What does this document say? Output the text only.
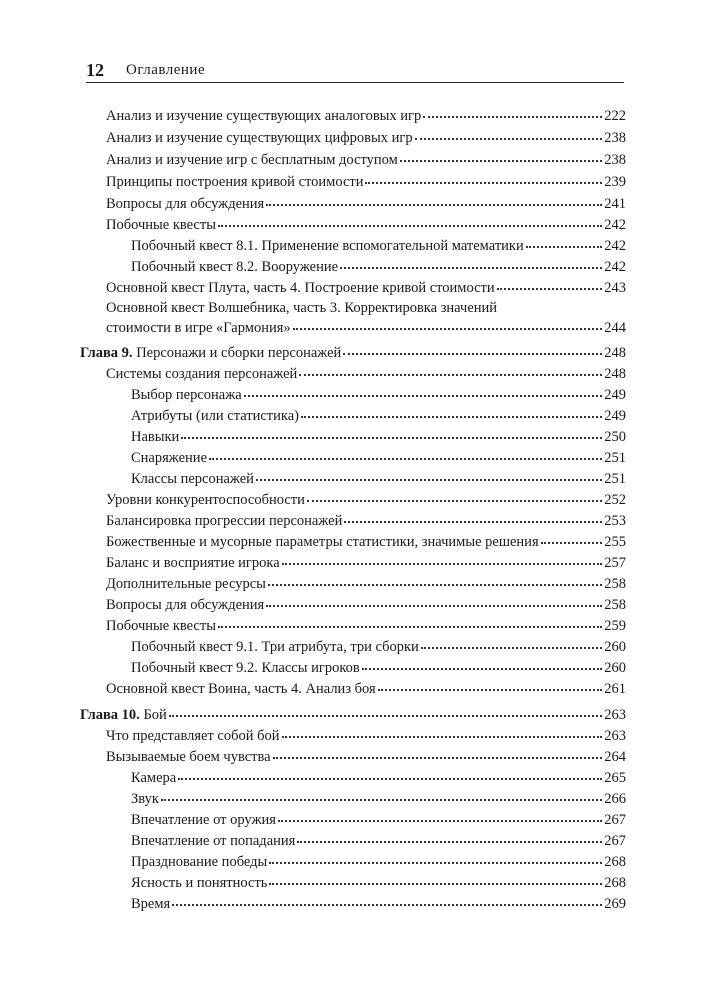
12 Оглавление
Анализ и изучение существующих аналоговых игр	222
Анализ и изучение существующих цифровых игр	238
Анализ и изучение игр с бесплатным доступом	238
Принципы построения кривой стоимости	239
Вопросы для обсуждения	241
Побочные квесты	242
Побочный квест 8.1. Применение вспомогательной математики	242
Побочный квест 8.2. Вооружение	242
Основной квест Плута, часть 4. Построение кривой стоимости	243
Основной квест Волшебника, часть 3. Корректировка значений
стоимости в игре «Гармония»	244
Глава 9. Персонажи и сборки персонажей	248
Системы создания персонажей	248
Выбор персонажа	249
Атрибуты (или статистика)	249
Навыки	250
Снаряжение	251
Классы персонажей	251
Уровни конкурентоспособности	252
Балансировка прогрессии персонажей	253
Божественные и мусорные параметры статистики, значимые решения	255
Баланс и восприятие игрока	257
Дополнительные ресурсы	258
Вопросы для обсуждения	258
Побочные квесты	259
Побочный квест 9.1. Три атрибута, три сборки	260
Побочный квест 9.2. Классы игроков	260
Основной квест Воина, часть 4. Анализ боя	261
Глава 10. Бой	263
Что представляет собой бой	263
Вызываемые боем чувства	264
Камера	265
Звук	266
Впечатление от оружия	267
Впечатление от попадания	267
Празднование победы	268
Ясность и понятность	268
Время	269
